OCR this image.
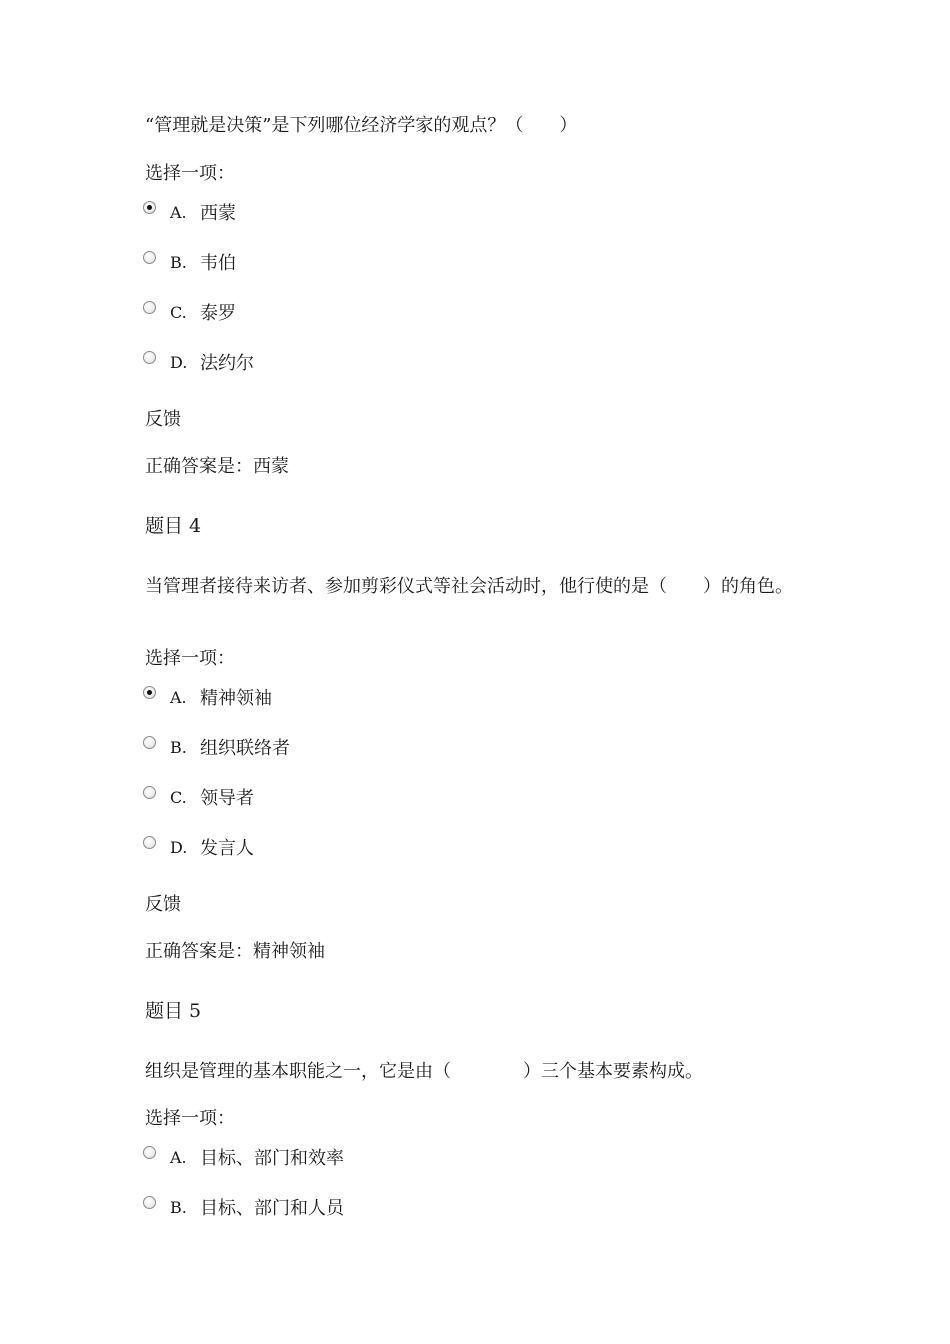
“管理就是决策”是下列哪位经济学家的观点？（　　）
选择一项：
A. 西蒙
B. 韦伯
C. 泰罗
D. 法约尔
反馈
正确答案是：西蒙
题目 4
当管理者接待来访者、参加剪彩仪式等社会活动时，他行使的是（　　）的角色。
选择一项：
A. 精神领袖
B. 组织联络者
C. 领导者
D. 发言人
反馈
正确答案是：精神领袖
题目 5
组织是管理的基本职能之一，它是由（　　　　）三个基本要素构成。
选择一项：
A. 目标、部门和效率
B. 目标、部门和人员
